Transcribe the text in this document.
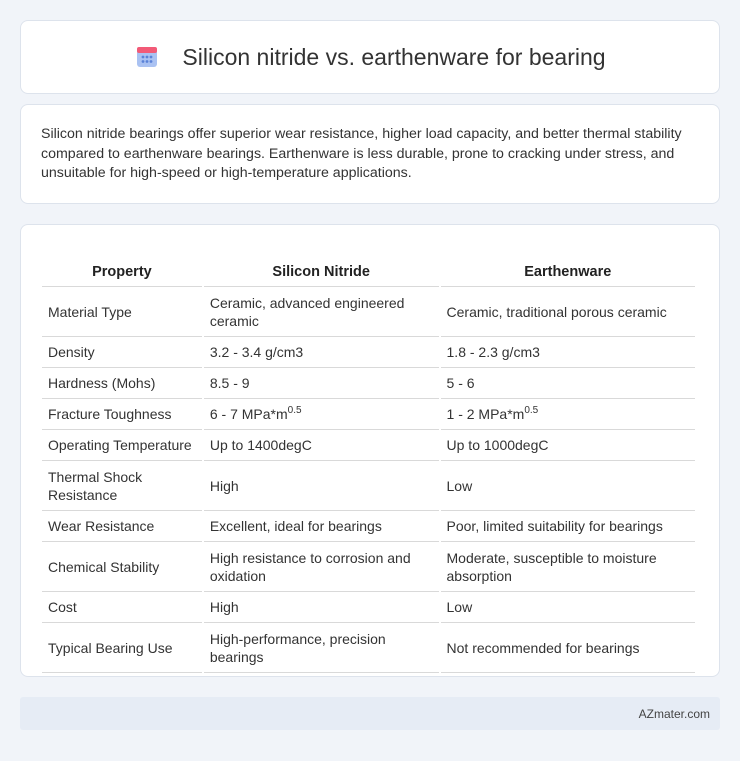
Silicon nitride vs. earthenware for bearing

Silicon nitride bearings offer superior wear resistance, higher load capacity, and better thermal stability compared to earthenware bearings. Earthenware is less durable, prone to cracking under stress, and unsuitable for high-speed or high-temperature applications.

Property	Silicon Nitride	Earthenware
Material Type	Ceramic, advanced engineered ceramic	Ceramic, traditional porous ceramic
Density	3.2 - 3.4 g/cm3	1.8 - 2.3 g/cm3
Hardness (Mohs)	8.5 - 9	5 - 6
Fracture Toughness	6 - 7 $MPa*m^{0.5}$	1 - 2 $MPa*m^{0.5}$
Operating Temperature	Up to 1400degC	Up to 1000degC
Thermal Shock Resistance	High	Low
Wear Resistance	Excellent, ideal for bearings	Poor, limited suitability for bearings
Chemical Stability	High resistance to corrosion and oxidation	Moderate, susceptible to moisture absorption
Cost	High	Low
Typical Bearing Use	High-performance, precision bearings	Not recommended for bearings
AZmater.com
